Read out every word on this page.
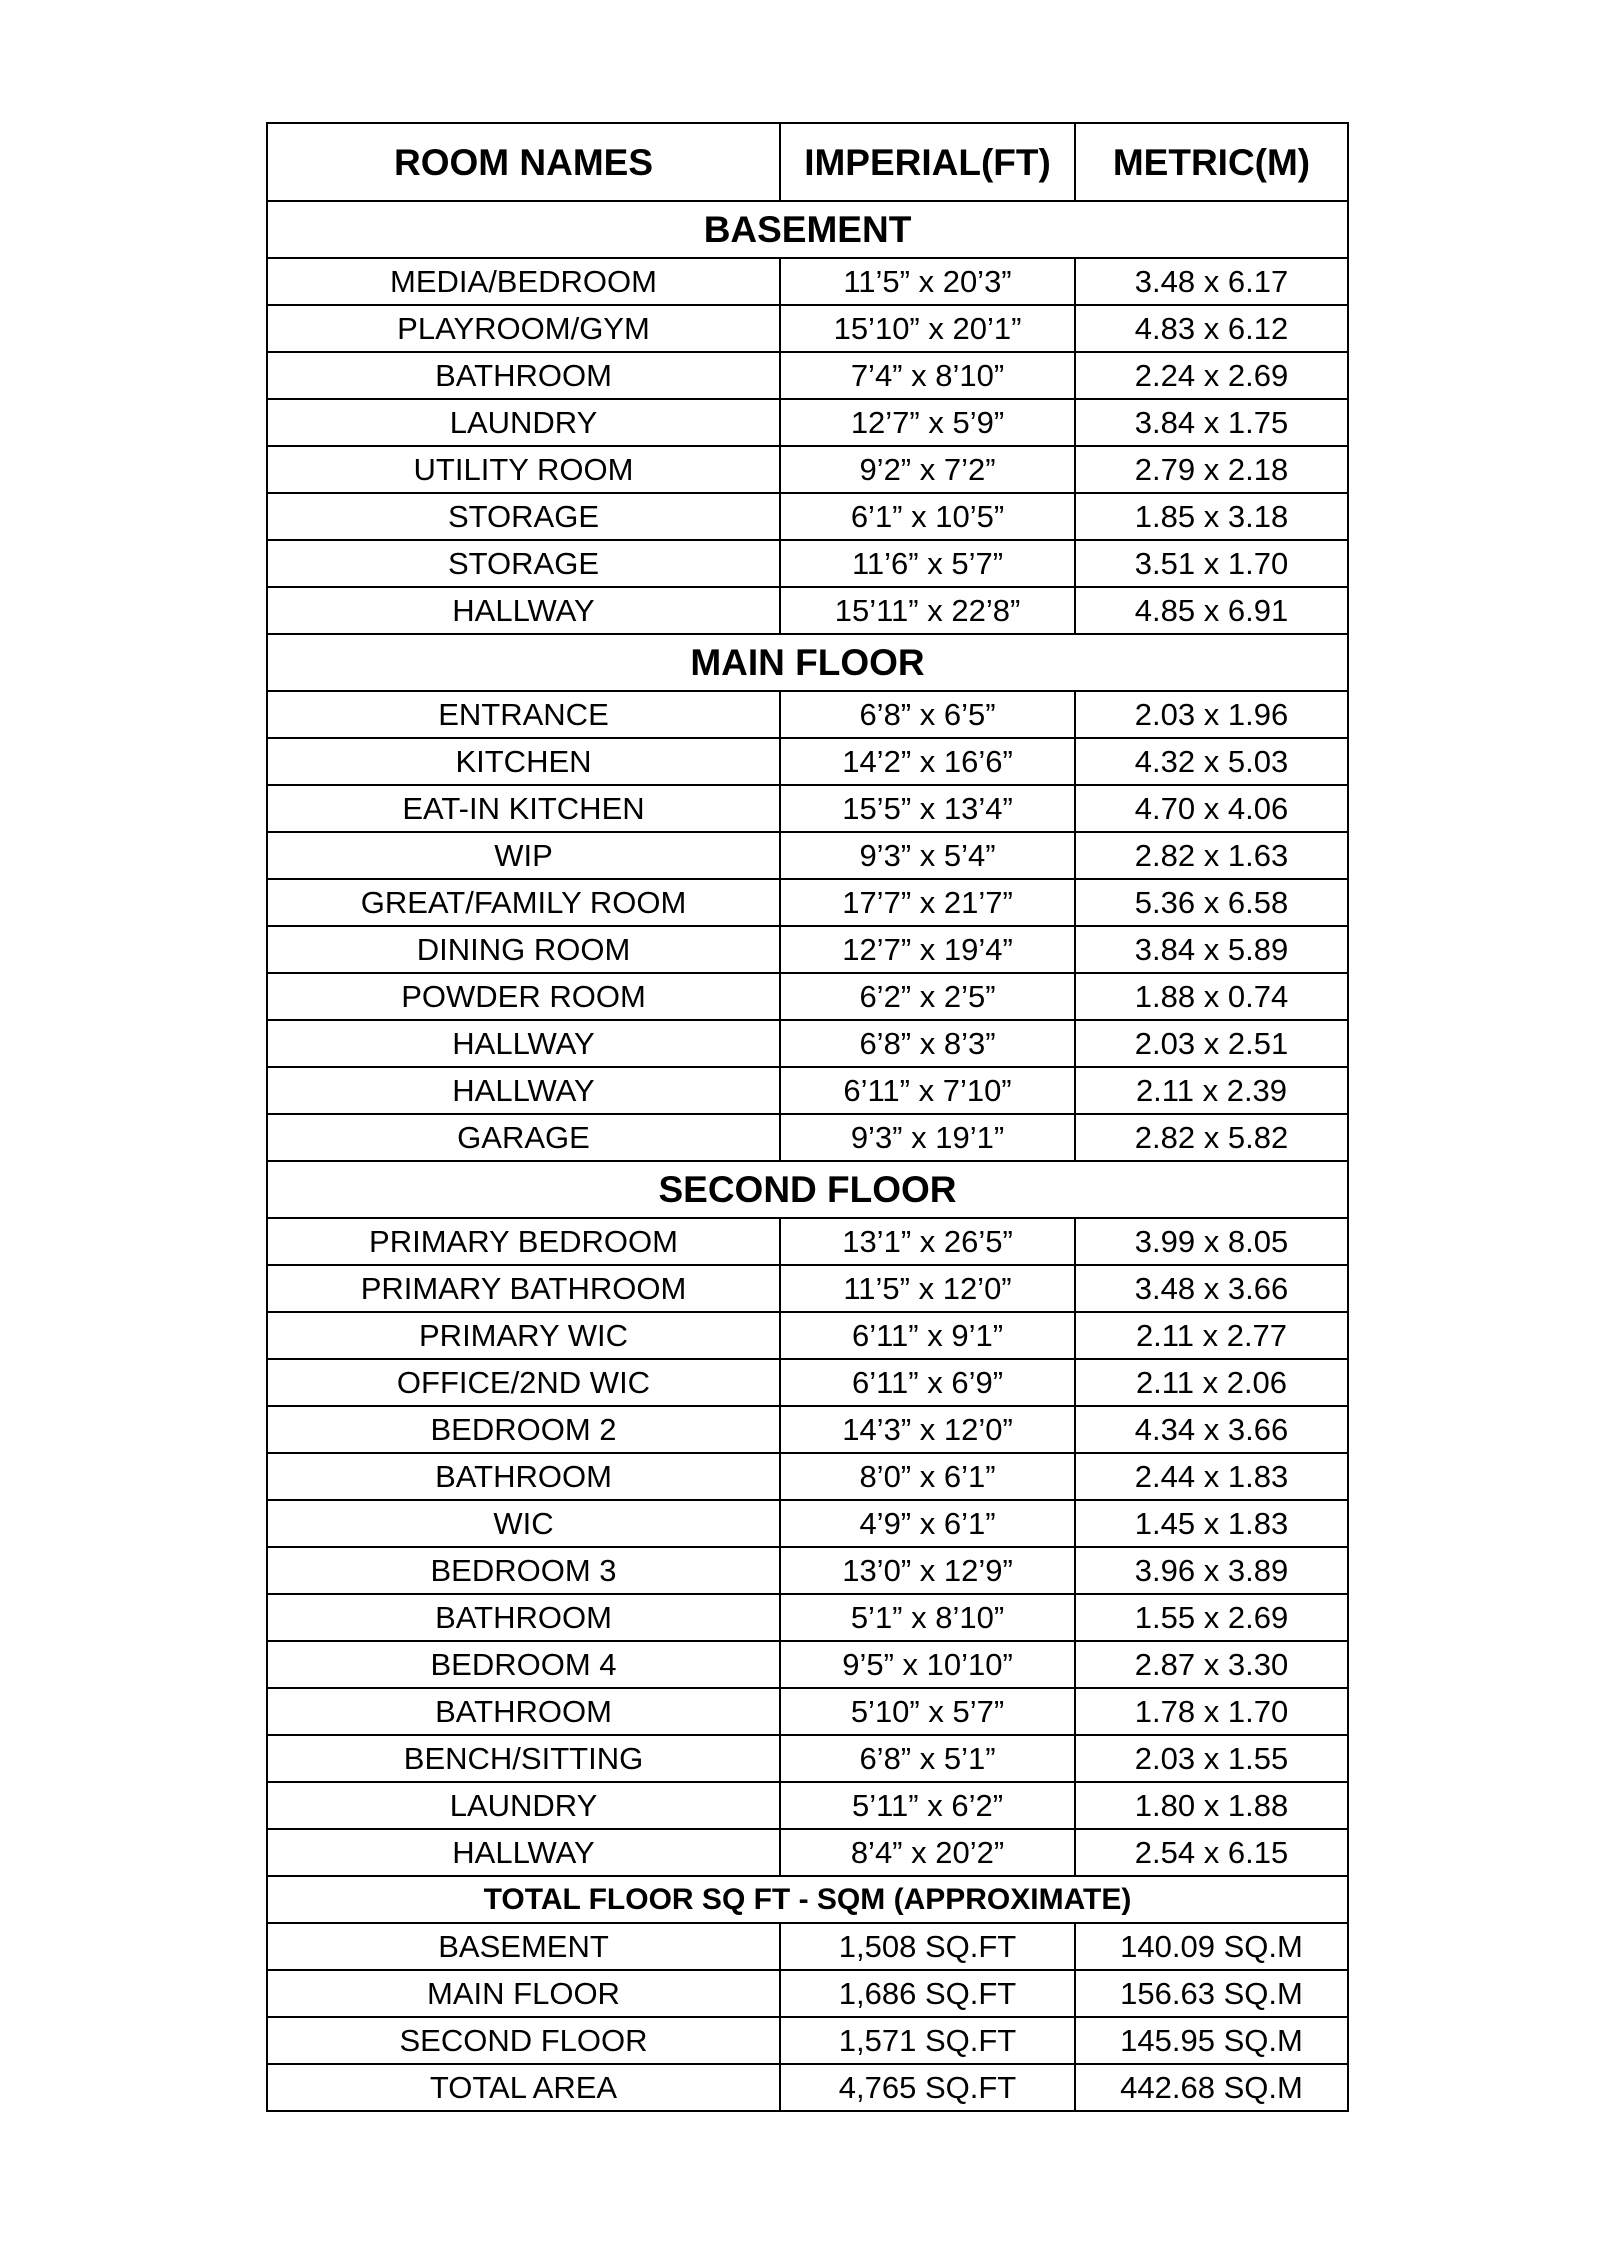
ROOM NAMES	IMPERIAL(FT)	METRIC(M)
BASEMENT		
MEDIA/BEDROOM	11’5” x 20’3”	3.48 x 6.17
PLAYROOM/GYM	15’10” x 20’1”	4.83 x 6.12
BATHROOM	7’4” x 8’10”	2.24 x 2.69
LAUNDRY	12’7” x 5’9”	3.84 x 1.75
UTILITY ROOM	9’2” x 7’2”	2.79 x 2.18
STORAGE	6’1” x 10’5”	1.85 x 3.18
STORAGE	11’6” x 5’7”	3.51 x 1.70
HALLWAY	15’11” x 22’8”	4.85 x 6.91
MAIN FLOOR		
ENTRANCE	6’8” x 6’5”	2.03 x 1.96
KITCHEN	14’2” x 16’6”	4.32 x 5.03
EAT-IN KITCHEN	15’5” x 13’4”	4.70 x 4.06
WIP	9’3” x 5’4”	2.82 x 1.63
GREAT/FAMILY ROOM	17’7” x 21’7”	5.36 x 6.58
DINING ROOM	12’7” x 19’4”	3.84 x 5.89
POWDER ROOM	6’2” x 2’5”	1.88 x 0.74
HALLWAY	6’8” x 8’3”	2.03 x 2.51
HALLWAY	6’11” x 7’10”	2.11 x 2.39
GARAGE	9’3” x 19’1”	2.82 x 5.82
SECOND FLOOR		
PRIMARY BEDROOM	13’1” x 26’5”	3.99 x 8.05
PRIMARY BATHROOM	11’5” x 12’0”	3.48 x 3.66
PRIMARY WIC	6’11” x 9’1”	2.11 x 2.77
OFFICE/2ND WIC	6’11” x 6’9”	2.11 x 2.06
BEDROOM 2	14’3” x 12’0”	4.34 x 3.66
BATHROOM	8’0” x 6’1”	2.44 x 1.83
WIC	4’9” x 6’1”	1.45 x 1.83
BEDROOM 3	13’0” x 12’9”	3.96 x 3.89
BATHROOM	5’1” x 8’10”	1.55 x 2.69
BEDROOM 4	9’5” x 10’10”	2.87 x 3.30
BATHROOM	5’10” x 5’7”	1.78 x 1.70
BENCH/SITTING	6’8” x 5’1”	2.03 x 1.55
LAUNDRY	5’11” x 6’2”	1.80 x 1.88
HALLWAY	8’4” x 20’2”	2.54 x 6.15
TOTAL FLOOR SQ FT - SQM (APPROXIMATE)		
BASEMENT	1,508 SQ.FT	140.09 SQ.M
MAIN FLOOR	1,686 SQ.FT	156.63 SQ.M
SECOND FLOOR	1,571 SQ.FT	145.95 SQ.M
TOTAL AREA	4,765 SQ.FT	442.68 SQ.M
